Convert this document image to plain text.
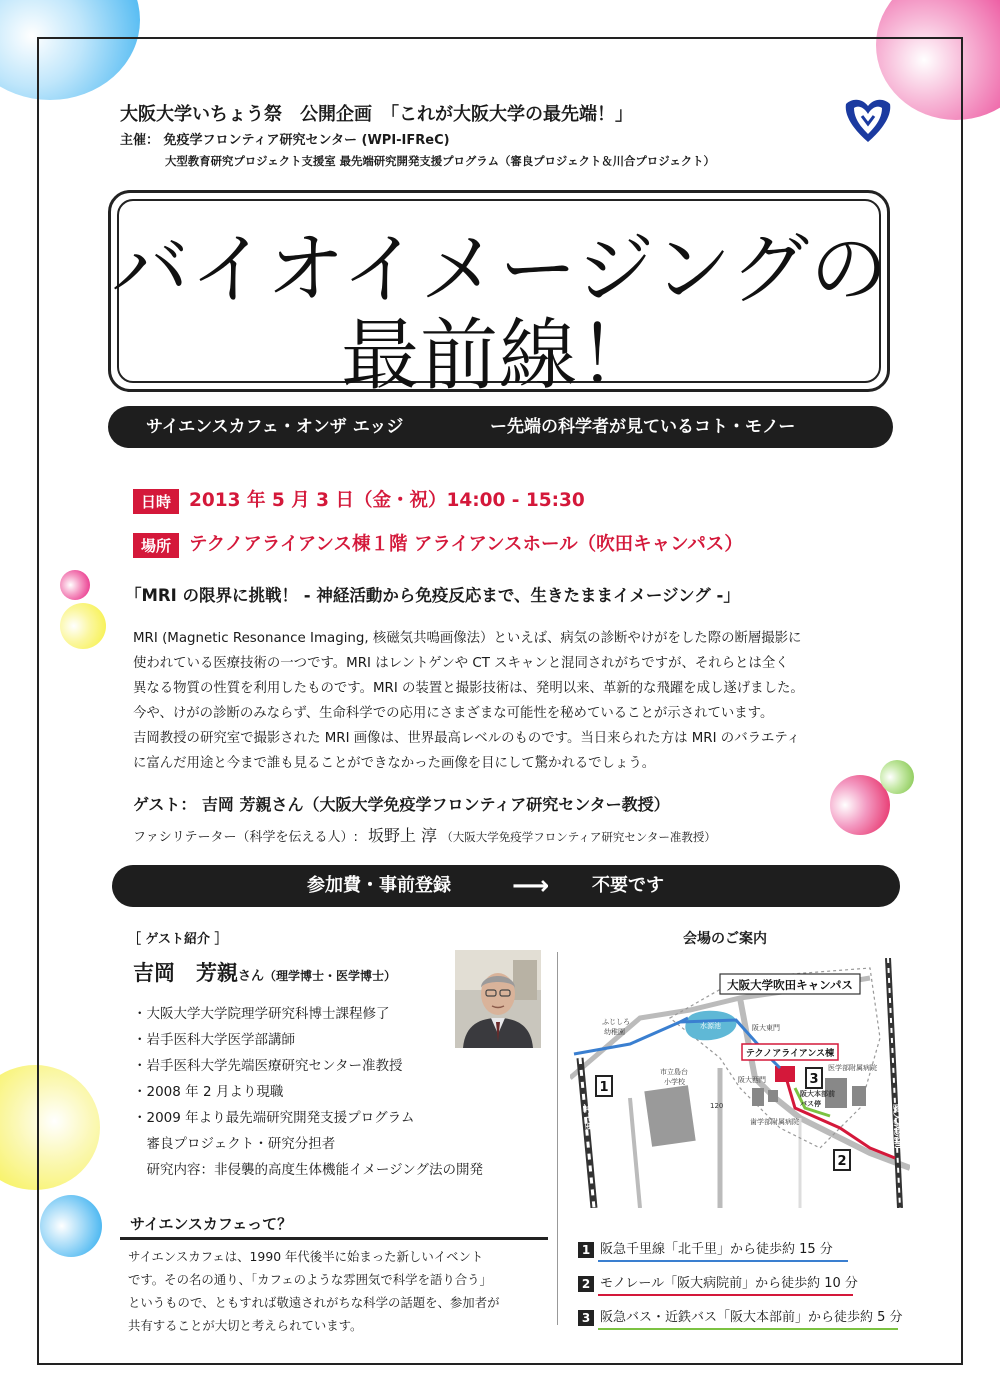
大阪大学いちょう祭　公開企画　「これが大阪大学の最先端！」
主催： 免疫学フロンティア研究センター (WPI-IFReC)
大型教育研究プロジェクト支援室 最先端研究開発支援プログラム（審良プロジェクト＆川合プロジェクト）
バイオイメージングの
最前線！
サイエンスカフェ・オンザ エッジ	ー先端の科学者が見ているコト・モノー
日時 2013 年 5 月 3 日（金・祝）14:00 - 15:30
場所 テクノアライアンス棟１階 アライアンスホール（吹田キャンパス）
「MRI の限界に挑戦！ - 神経活動から免疫反応まで、生きたままイメージング -」
MRI (Magnetic Resonance Imaging, 核磁気共鳴画像法）といえば、病気の診断やけがをした際の断層撮影に
使われている医療技術の一つです。MRI はレントゲンや CT スキャンと混同されがちですが、それらとは全く
異なる物質の性質を利用したものです。MRI の装置と撮影技術は、発明以来、革新的な飛躍を成し遂げました。
今や、けがの診断のみならず、生命科学での応用にさまざまな可能性を秘めていることが示されています。
吉岡教授の研究室で撮影された MRI 画像は、世界最高レベルのものです。当日来られた方は MRI のバラエティ
に富んだ用途と今まで誰も見ることができなかった画像を目にして驚かれるでしょう。
ゲスト： 吉岡 芳親さん（大阪大学免疫学フロンティア研究センター教授）
ファシリテーター（科学を伝える人）: 坂野上 淳 （大阪大学免疫学フロンティア研究センター准教授）
参加費・事前登録 ⟶ 不要です
［ ゲスト紹介 ］
吉岡　芳親さん（理学博士・医学博士）
・大阪大学大学院理学研究科博士課程修了
・岩手医科大学医学部講師
・岩手医科大学先端医療研究センター准教授
・2008 年 2 月より現職
・2009 年より最先端研究開発支援プログラム
　審良プロジェクト・研究分担者
　研究内容：非侵襲的高度生体機能イメージング法の開発
サイエンスカフェって？
サイエンスカフェは、1990 年代後半に始まった新しいイベント
です。その名の通り、「カフェのような雰囲気で科学を語り合う」
というもので、ともすれば敬遠されがちな科学の話題を、参加者が
共有することが大切と考えられています。
会場のご案内
大阪大学吹田キャンパス
テクノアライアンス棟
ふじしろ
幼稚園
市立島台
小学校
水源池	阪大東門
阪大西門
阪大本部前
バス停
医学部附属病院
歯学部附属病院
120
北千里	阪大病院前
1
2
3
1 阪急千里線「北千里」から徒歩約 15 分
2 モノレール「阪大病院前」から徒歩約 10 分
3 阪急バス・近鉄バス「阪大本部前」から徒歩約 5 分
